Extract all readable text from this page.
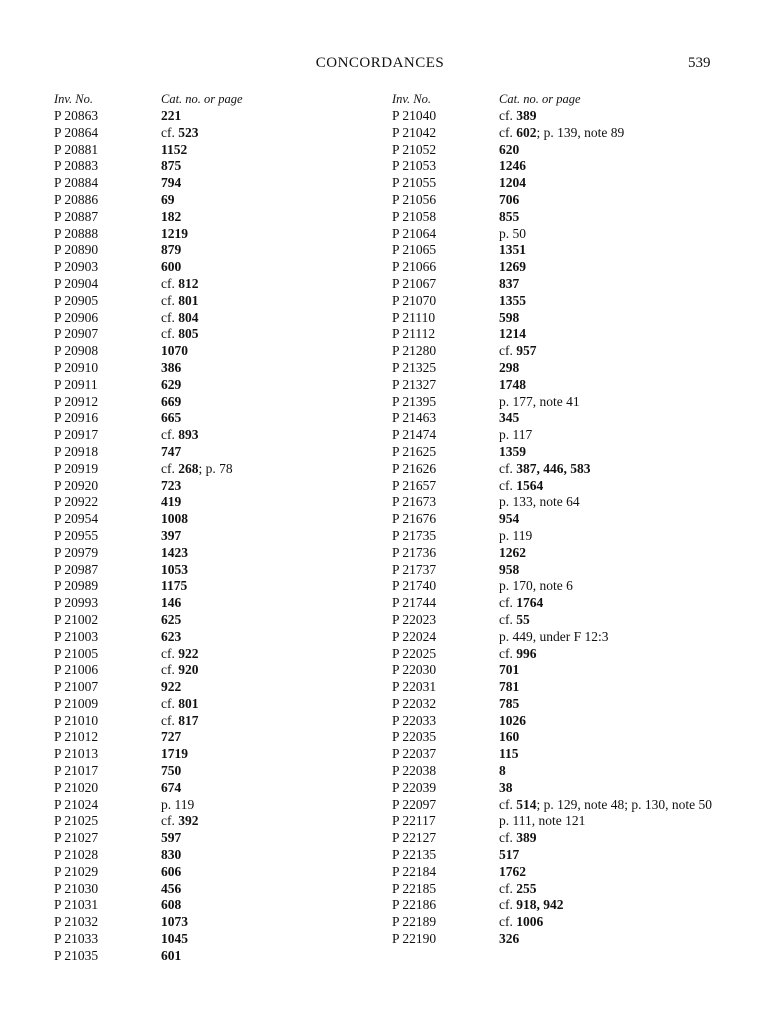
CONCORDANCES	539
Inv. No.	Cat. no. or page
P 20863	221
P 20864	cf. 523
P 20881	1152
P 20883	875
P 20884	794
P 20886	69
P 20887	182
P 20888	1219
P 20890	879
P 20903	600
P 20904	cf. 812
P 20905	cf. 801
P 20906	cf. 804
P 20907	cf. 805
P 20908	1070
P 20910	386
P 20911	629
P 20912	669
P 20916	665
P 20917	cf. 893
P 20918	747
P 20919	cf. 268; p. 78
P 20920	723
P 20922	419
P 20954	1008
P 20955	397
P 20979	1423
P 20987	1053
P 20989	1175
P 20993	146
P 21002	625
P 21003	623
P 21005	cf. 922
P 21006	cf. 920
P 21007	922
P 21009	cf. 801
P 21010	cf. 817
P 21012	727
P 21013	1719
P 21017	750
P 21020	674
P 21024	p. 119
P 21025	cf. 392
P 21027	597
P 21028	830
P 21029	606
P 21030	456
P 21031	608
P 21032	1073
P 21033	1045
P 21035	601
Inv. No.	Cat. no. or page
P 21040	cf. 389
P 21042	cf. 602; p. 139, note 89
P 21052	620
P 21053	1246
P 21055	1204
P 21056	706
P 21058	855
P 21064	p. 50
P 21065	1351
P 21066	1269
P 21067	837
P 21070	1355
P 21110	598
P 21112	1214
P 21280	cf. 957
P 21325	298
P 21327	1748
P 21395	p. 177, note 41
P 21463	345
P 21474	p. 117
P 21625	1359
P 21626	cf. 387, 446, 583
P 21657	cf. 1564
P 21673	p. 133, note 64
P 21676	954
P 21735	p. 119
P 21736	1262
P 21737	958
P 21740	p. 170, note 6
P 21744	cf. 1764
P 22023	cf. 55
P 22024	p. 449, under F 12:3
P 22025	cf. 996
P 22030	701
P 22031	781
P 22032	785
P 22033	1026
P 22035	160
P 22037	115
P 22038	8
P 22039	38
P 22097	cf. 514; p. 129, note 48; p. 130, note 50
P 22117	p. 111, note 121
P 22127	cf. 389
P 22135	517
P 22184	1762
P 22185	cf. 255
P 22186	cf. 918, 942
P 22189	cf. 1006
P 22190	326
